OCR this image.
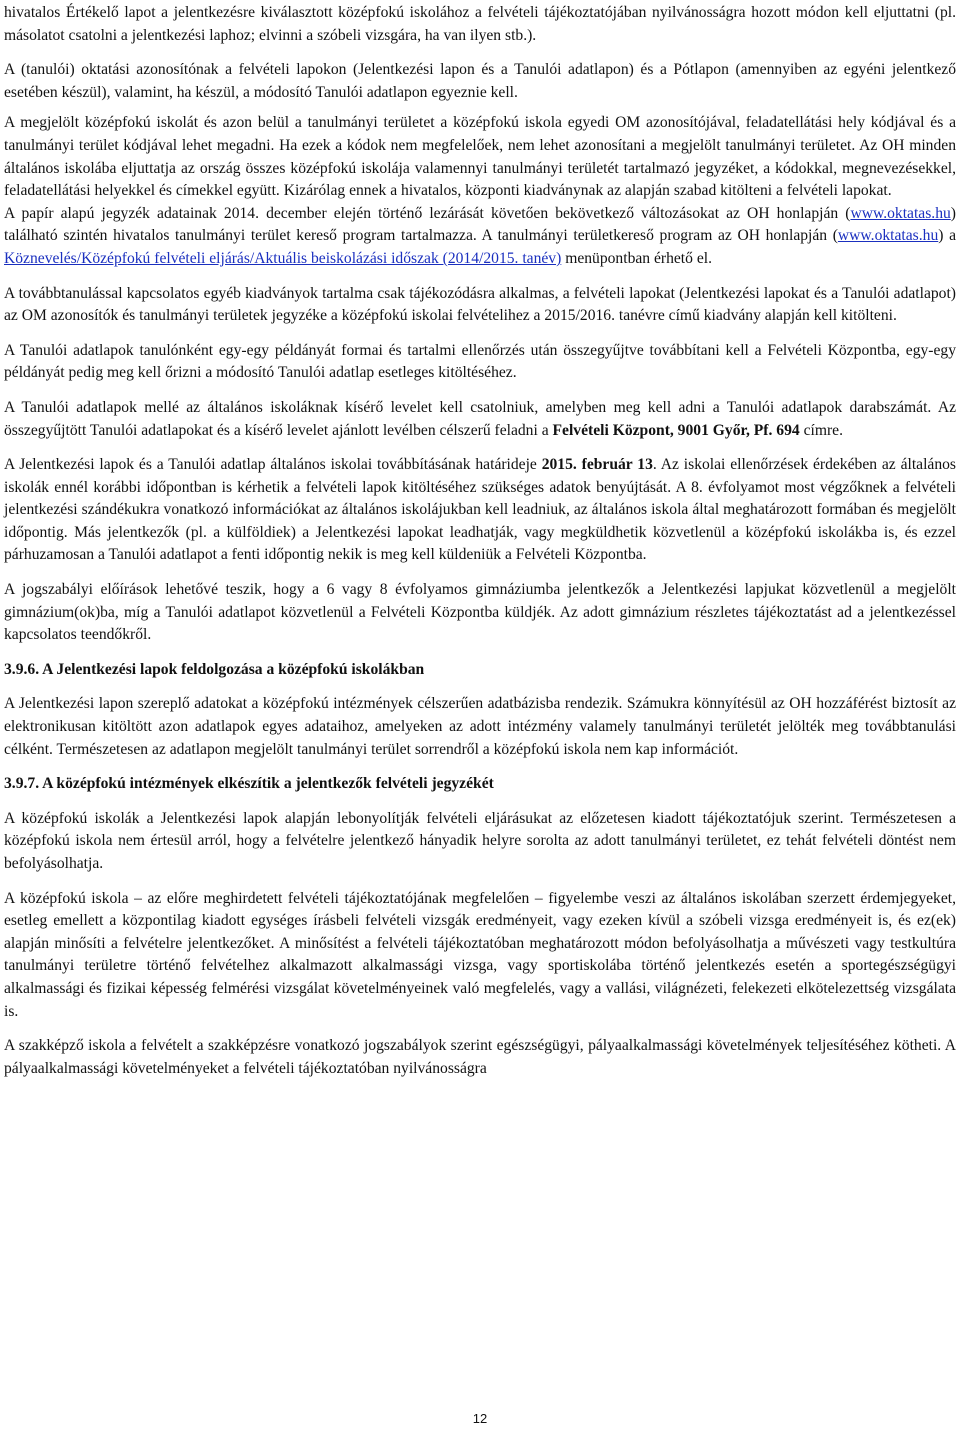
hivatalos Értékelő lapot a jelentkezésre kiválasztott középfokú iskolához a felvételi tájékoztatójában nyilvánosságra hozott módon kell eljuttatni (pl. másolatot csatolni a jelentkezési laphoz; elvinni a szóbeli vizsgára, ha van ilyen stb.).

A (tanulói) oktatási azonosítónak a felvételi lapokon (Jelentkezési lapon és a Tanulói adatlapon) és a Pótlapon (amennyiben az egyéni jelentkező esetében készül), valamint, ha készül, a módosító Tanulói adatlapon egyeznie kell.

A megjelölt középfokú iskolát és azon belül a tanulmányi területet a középfokú iskola egyedi OM azonosítójával, feladatellátási hely kódjával és a tanulmányi terület kódjával lehet megadni. Ha ezek a kódok nem megfelelőek, nem lehet azonosítani a megjelölt tanulmányi területet. Az OH minden általános iskolába eljuttatja az ország összes középfokú iskolája valamennyi tanulmányi területét tartalmazó jegyzéket, a kódokkal, megnevezésekkel, feladatellátási helyekkel és címekkel együtt. Kizárólag ennek a hivatalos, központi kiadványnak az alapján szabad kitölteni a felvételi lapokat.

A papír alapú jegyzék adatainak 2014. december elején történő lezárását követően bekövetkező változásokat az OH honlapján (www.oktatas.hu) található szintén hivatalos tanulmányi terület kereső program tartalmazza. A tanulmányi területkereső program az OH honlapján (www.oktatas.hu) a Köznevelés/Középfokú felvételi eljárás/Aktuális beiskolázási időszak (2014/2015. tanév) menüpontban érhető el.

A továbbtanulással kapcsolatos egyéb kiadványok tartalma csak tájékozódásra alkalmas, a felvételi lapokat (Jelentkezési lapokat és a Tanulói adatlapot) az OM azonosítók és tanulmányi területek jegyzéke a középfokú iskolai felvételihez a 2015/2016. tanévre című kiadvány alapján kell kitölteni.

A Tanulói adatlapok tanulónként egy-egy példányát formai és tartalmi ellenőrzés után összegyűjtve továbbítani kell a Felvételi Központba, egy-egy példányát pedig meg kell őrizni a módosító Tanulói adatlap esetleges kitöltéséhez.

A Tanulói adatlapok mellé az általános iskoláknak kísérő levelet kell csatolniuk, amelyben meg kell adni a Tanulói adatlapok darabszámát. Az összegyűjtött Tanulói adatlapokat és a kísérő levelet ajánlott levélben célszerű feladni a Felvételi Központ, 9001 Győr, Pf. 694 címre.

A Jelentkezési lapok és a Tanulói adatlap általános iskolai továbbításának határideje 2015. február 13. Az iskolai ellenőrzések érdekében az általános iskolák ennél korábbi időpontban is kérhetik a felvételi lapok kitöltéséhez szükséges adatok benyújtását. A 8. évfolyamot most végzőknek a felvételi jelentkezési szándékukra vonatkozó információkat az általános iskolájukban kell leadniuk, az általános iskola által meghatározott formában és megjelölt időpontig. Más jelentkezők (pl. a külföldiek) a Jelentkezési lapokat leadhatják, vagy megküldhetik közvetlenül a középfokú iskolákba is, és ezzel párhuzamosan a Tanulói adatlapot a fenti időpontig nekik is meg kell küldeniük a Felvételi Központba.

A jogszabályi előírások lehetővé teszik, hogy a 6 vagy 8 évfolyamos gimnáziumba jelentkezők a Jelentkezési lapjukat közvetlenül a megjelölt gimnázium(ok)ba, míg a Tanulói adatlapot közvetlenül a Felvételi Központba küldjék. Az adott gimnázium részletes tájékoztatást ad a jelentkezéssel kapcsolatos teendőkről.

3.9.6. A Jelentkezési lapok feldolgozása a középfokú iskolákban

A Jelentkezési lapon szereplő adatokat a középfokú intézmények célszerűen adatbázisba rendezik. Számukra könnyítésül az OH hozzáférést biztosít az elektronikusan kitöltött azon adatlapok egyes adataihoz, amelyeken az adott intézmény valamely tanulmányi területét jelölték meg továbbtanulási célként. Természetesen az adatlapon megjelölt tanulmányi terület sorrendről a középfokú iskola nem kap információt.

3.9.7. A középfokú intézmények elkészítik a jelentkezők felvételi jegyzékét

A középfokú iskolák a Jelentkezési lapok alapján lebonyolítják felvételi eljárásukat az előzetesen kiadott tájékoztatójuk szerint. Természetesen a középfokú iskola nem értesül arról, hogy a felvételre jelentkező hányadik helyre sorolta az adott tanulmányi területet, ez tehát felvételi döntést nem befolyásolhatja.

A középfokú iskola – az előre meghirdetett felvételi tájékoztatójának megfelelően – figyelembe veszi az általános iskolában szerzett érdemjegyeket, esetleg emellett a központilag kiadott egységes írásbeli felvételi vizsgák eredményeit, vagy ezeken kívül a szóbeli vizsga eredményeit is, és ez(ek) alapján minősíti a felvételre jelentkezőket. A minősítést a felvételi tájékoztatóban meghatározott módon befolyásolhatja a művészeti vagy testkultúra tanulmányi területre történő felvételhez alkalmazott alkalmassági vizsga, vagy sportiskolába történő jelentkezés esetén a sportegészségügyi alkalmassági és fizikai képesség felmérési vizsgálat követelményeinek való megfelelés, vagy a vallási, világnézeti, felekezeti elkötelezettség vizsgálata is.

A szakképző iskola a felvételt a szakképzésre vonatkozó jogszabályok szerint egészségügyi, pályaalkalmassági követelmények teljesítéséhez kötheti. A pályaalkalmassági követelményeket a felvételi tájékoztatóban nyilvánosságra

12
